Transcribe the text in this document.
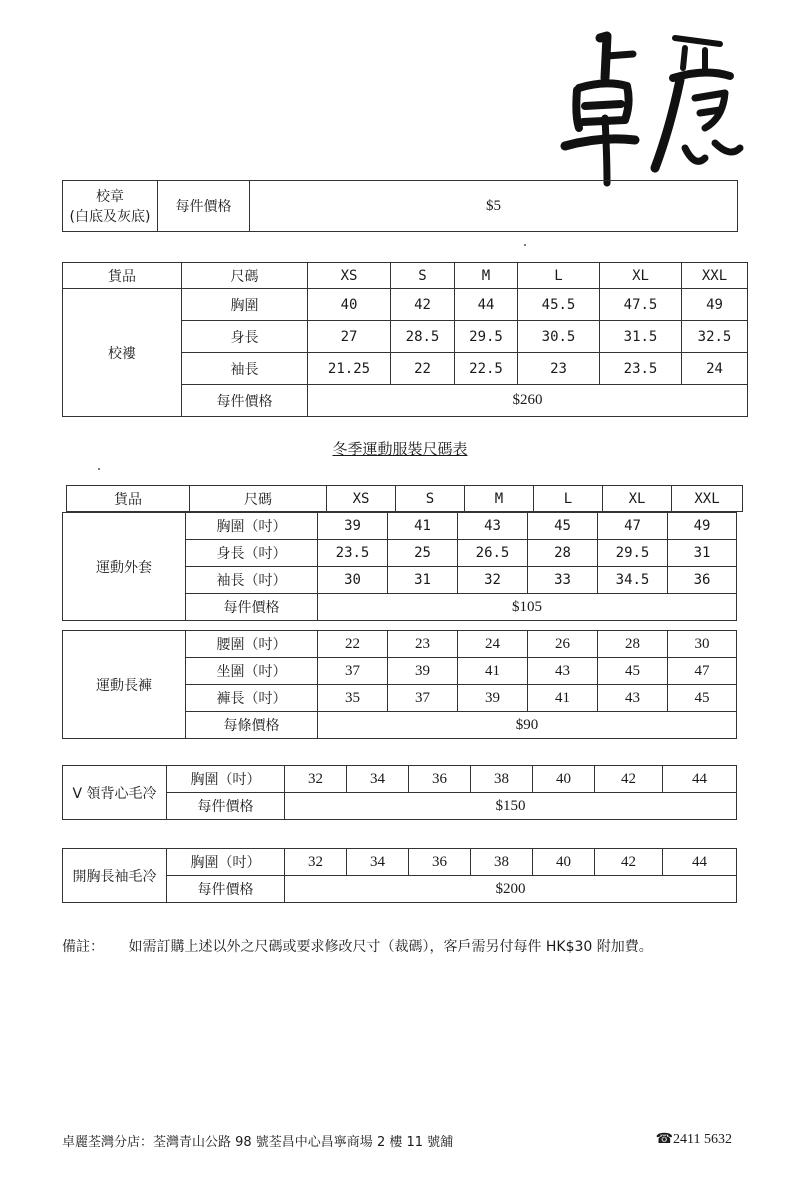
校章
(白底及灰底)
	每件價格	$5
貨品	尺碼	XS	S	M	L	XL	XXL
校褸	胸圍	40	42	44	45.5	47.5	49
	身長	27	28.5	29.5	30.5	31.5	32.5
	袖長	21.25	22	22.5	23	23.5	24
	每件價格	$260					
冬季運動服裝尺碼表
貨品	尺碼	XS	S	M	L	XL	XXL
運動外套	胸圍（吋）	39	41	43	45	47	49
	身長（吋）	23.5	25	26.5	28	29.5	31
	袖長（吋）	30	31	32	33	34.5	36
	每件價格	$105					
運動長褲	腰圍（吋）	22	23	24	26	28	30
	坐圍（吋）	37	39	41	43	45	47
	褲長（吋）	35	37	39	41	43	45
	每條價格	$90					
V 領背心毛冷	胸圍（吋）	32	34	36	38	40	42	44
	每件價格	$150						
開胸長袖毛冷	胸圍（吋）	32	34	36	38	40	42	44
	每件價格	$200						
備註： 如需訂購上述以外之尺碼或要求修改尺寸（裁碼），客戶需另付每件 HK$30 附加費。
卓麗荃灣分店：荃灣青山公路 98 號荃昌中心昌寧商場 2 樓 11 號舖	☎2411 5632
